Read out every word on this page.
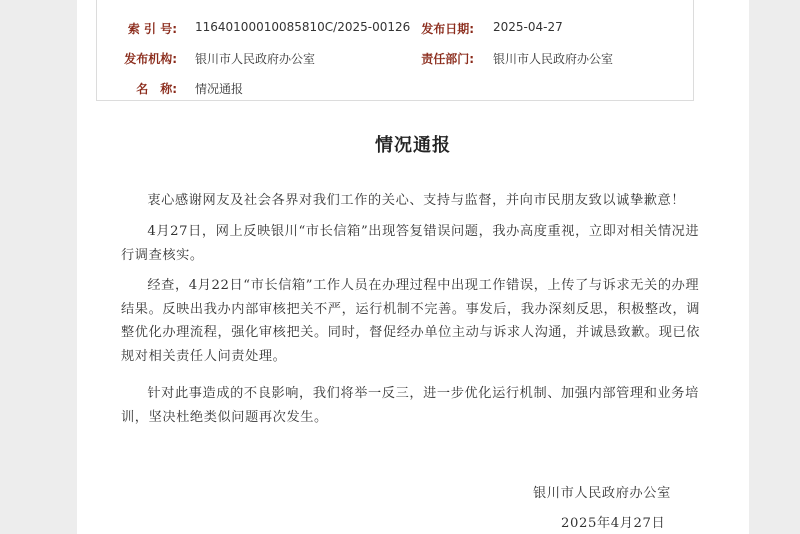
索 引 号: 11640100010085810C/2025-00126 发布日期: 2025-04-27
发布机构: 银川市人民政府办公室	责任部门: 银川市人民政府办公室
名　称: 情况通报
情况通报

衷心感谢网友及社会各界对我们工作的关心、支持与监督，并向市民朋友致以诚挚歉意！

4月27日，网上反映银川“市长信箱”出现答复错误问题，我办高度重视，立即对相关情况进行调查核实。

经查，4月22日“市长信箱”工作人员在办理过程中出现工作错误，上传了与诉求无关的办理结果。反映出我办内部审核把关不严，运行机制不完善。事发后，我办深刻反思，积极整改，调整优化办理流程，强化审核把关。同时，督促经办单位主动与诉求人沟通，并诚恳致歉。现已依规对相关责任人问责处理。

针对此事造成的不良影响，我们将举一反三，进一步优化运行机制、加强内部管理和业务培训，坚决杜绝类似问题再次发生。

银川市人民政府办公室
2025年4月27日
